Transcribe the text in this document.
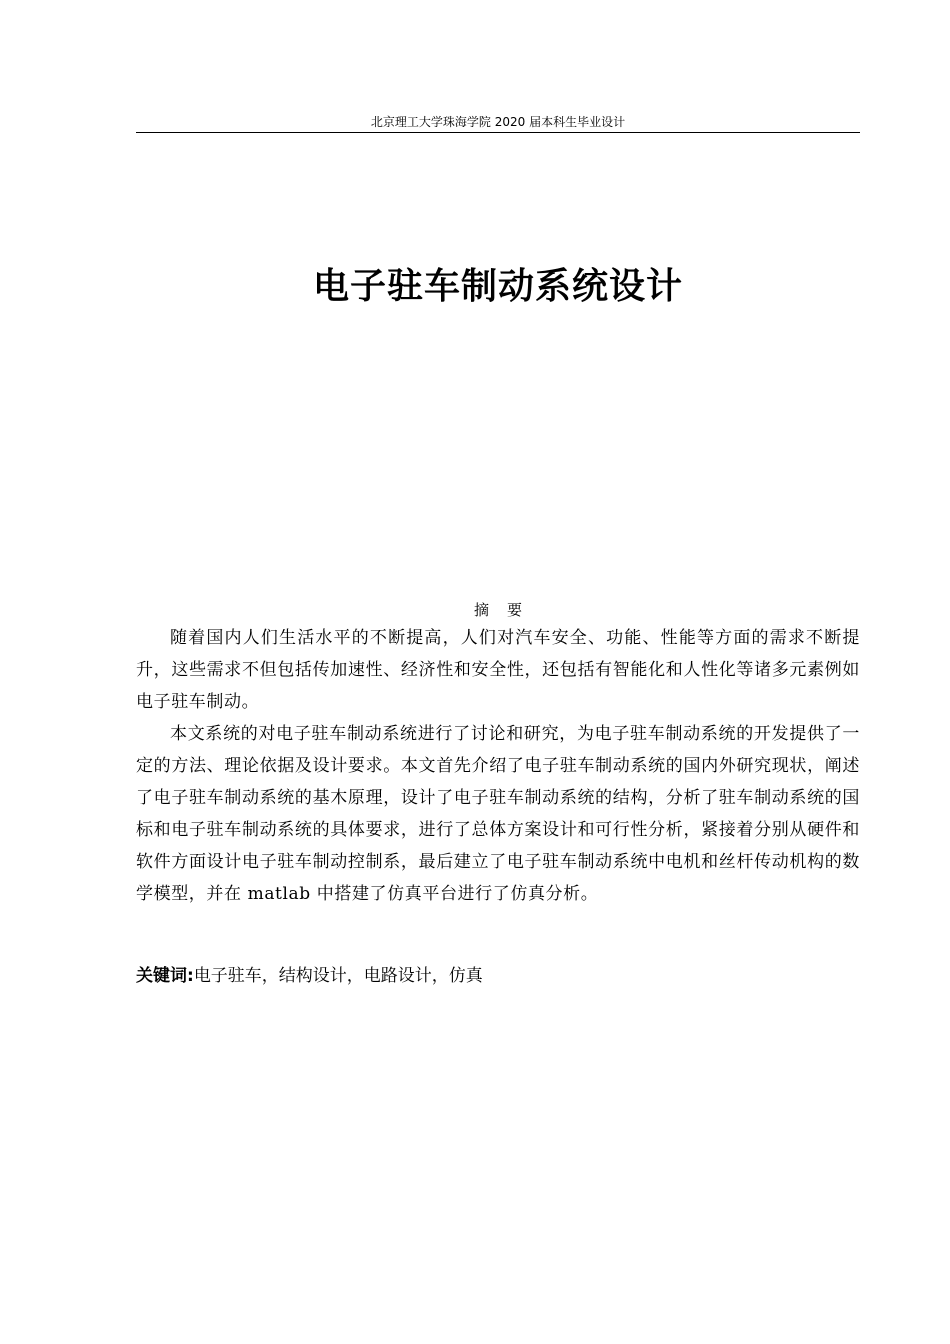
北京理工大学珠海学院 2020 届本科生毕业设计
电子驻车制动系统设计
摘要

随着国内人们生活水平的不断提高，人们对汽车安全、功能、性能等方面的需求不断提升，这些需求不但包括传加速性、经济性和安全性，还包括有智能化和人性化等诸多元素例如电子驻车制动。

本文系统的对电子驻车制动系统进行了讨论和研究，为电子驻车制动系统的开发提供了一定的方法、理论依据及设计要求。本文首先介绍了电子驻车制动系统的国内外研究现状，阐述了电子驻车制动系统的基木原理，设计了电子驻车制动系统的结构，分析了驻车制动系统的国标和电子驻车制动系统的具体要求，进行了总体方案设计和可行性分析，紧接着分别从硬件和软件方面设计电子驻车制动控制系，最后建立了电子驻车制动系统中电机和丝杆传动机构的数学模型，并在 matlab 中搭建了仿真平台进行了仿真分析。

关键词:电子驻车，结构设计，电路设计，仿真
